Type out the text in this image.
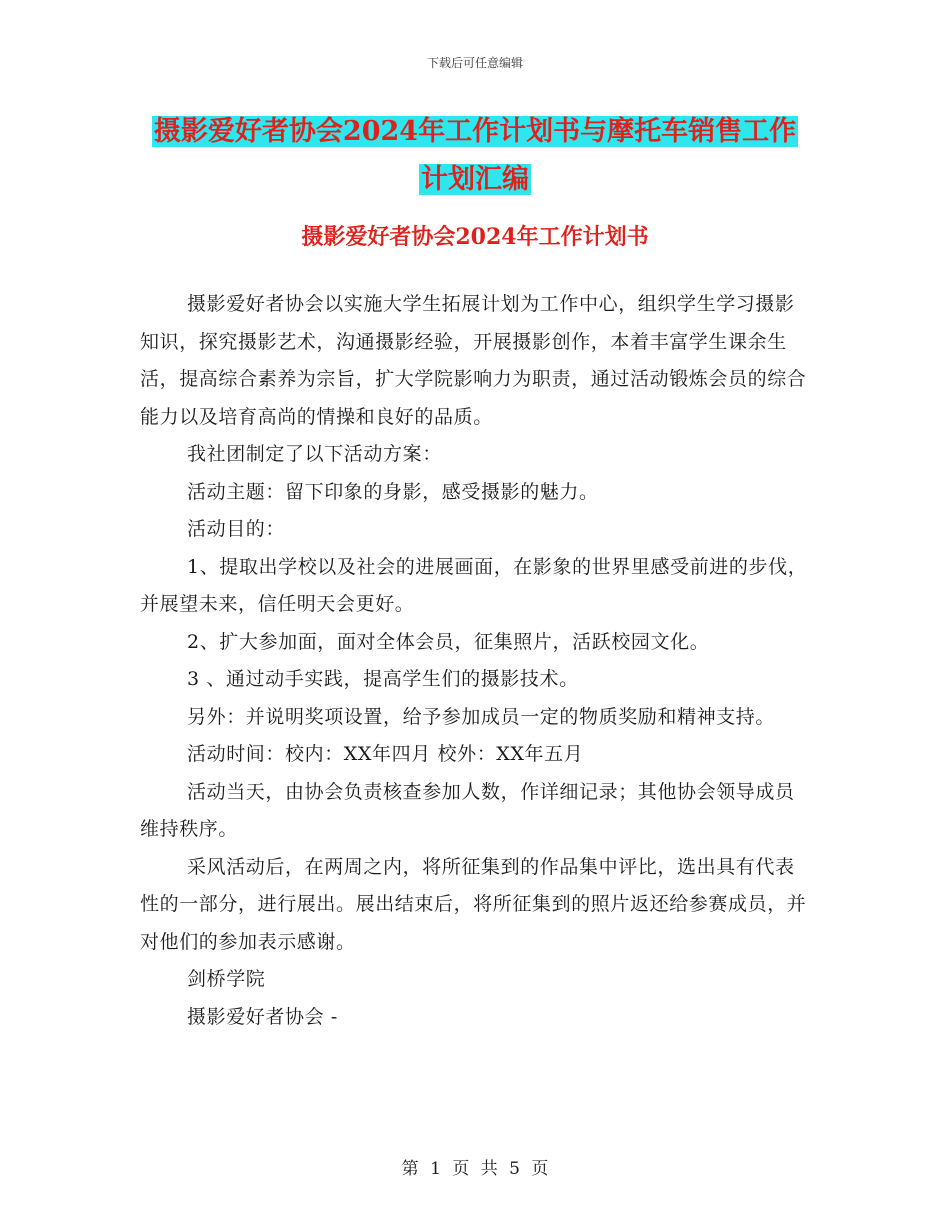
下载后可任意编辑
摄影爱好者协会2024年工作计划书与摩托车销售工作
计划汇编
摄影爱好者协会2024年工作计划书

摄影爱好者协会以实施大学生拓展计划为工作中心，组织学生学习摄影知识，探究摄影艺术，沟通摄影经验，开展摄影创作，本着丰富学生课余生活，提高综合素养为宗旨，扩大学院影响力为职责，通过活动锻炼会员的综合能力以及培育高尚的情操和良好的品质。

我社团制定了以下活动方案：

活动主题：留下印象的身影，感受摄影的魅力。

活动目的：

1、提取出学校以及社会的进展画面，在影象的世界里感受前进的步伐，并展望未来，信任明天会更好。

2、扩大参加面，面对全体会员，征集照片，活跃校园文化。

3 、通过动手实践，提高学生们的摄影技术。

另外：并说明奖项设置，给予参加成员一定的物质奖励和精神支持。

活动时间：校内：XX年四月 校外：XX年五月

活动当天，由协会负责核查参加人数，作详细记录；其他协会领导成员维持秩序。

采风活动后，在两周之内，将所征集到的作品集中评比，选出具有代表性的一部分，进行展出。展出结束后，将所征集到的照片返还给参赛成员，并对他们的参加表示感谢。

剑桥学院

摄影爱好者协会 -

第 1 页 共 5 页
